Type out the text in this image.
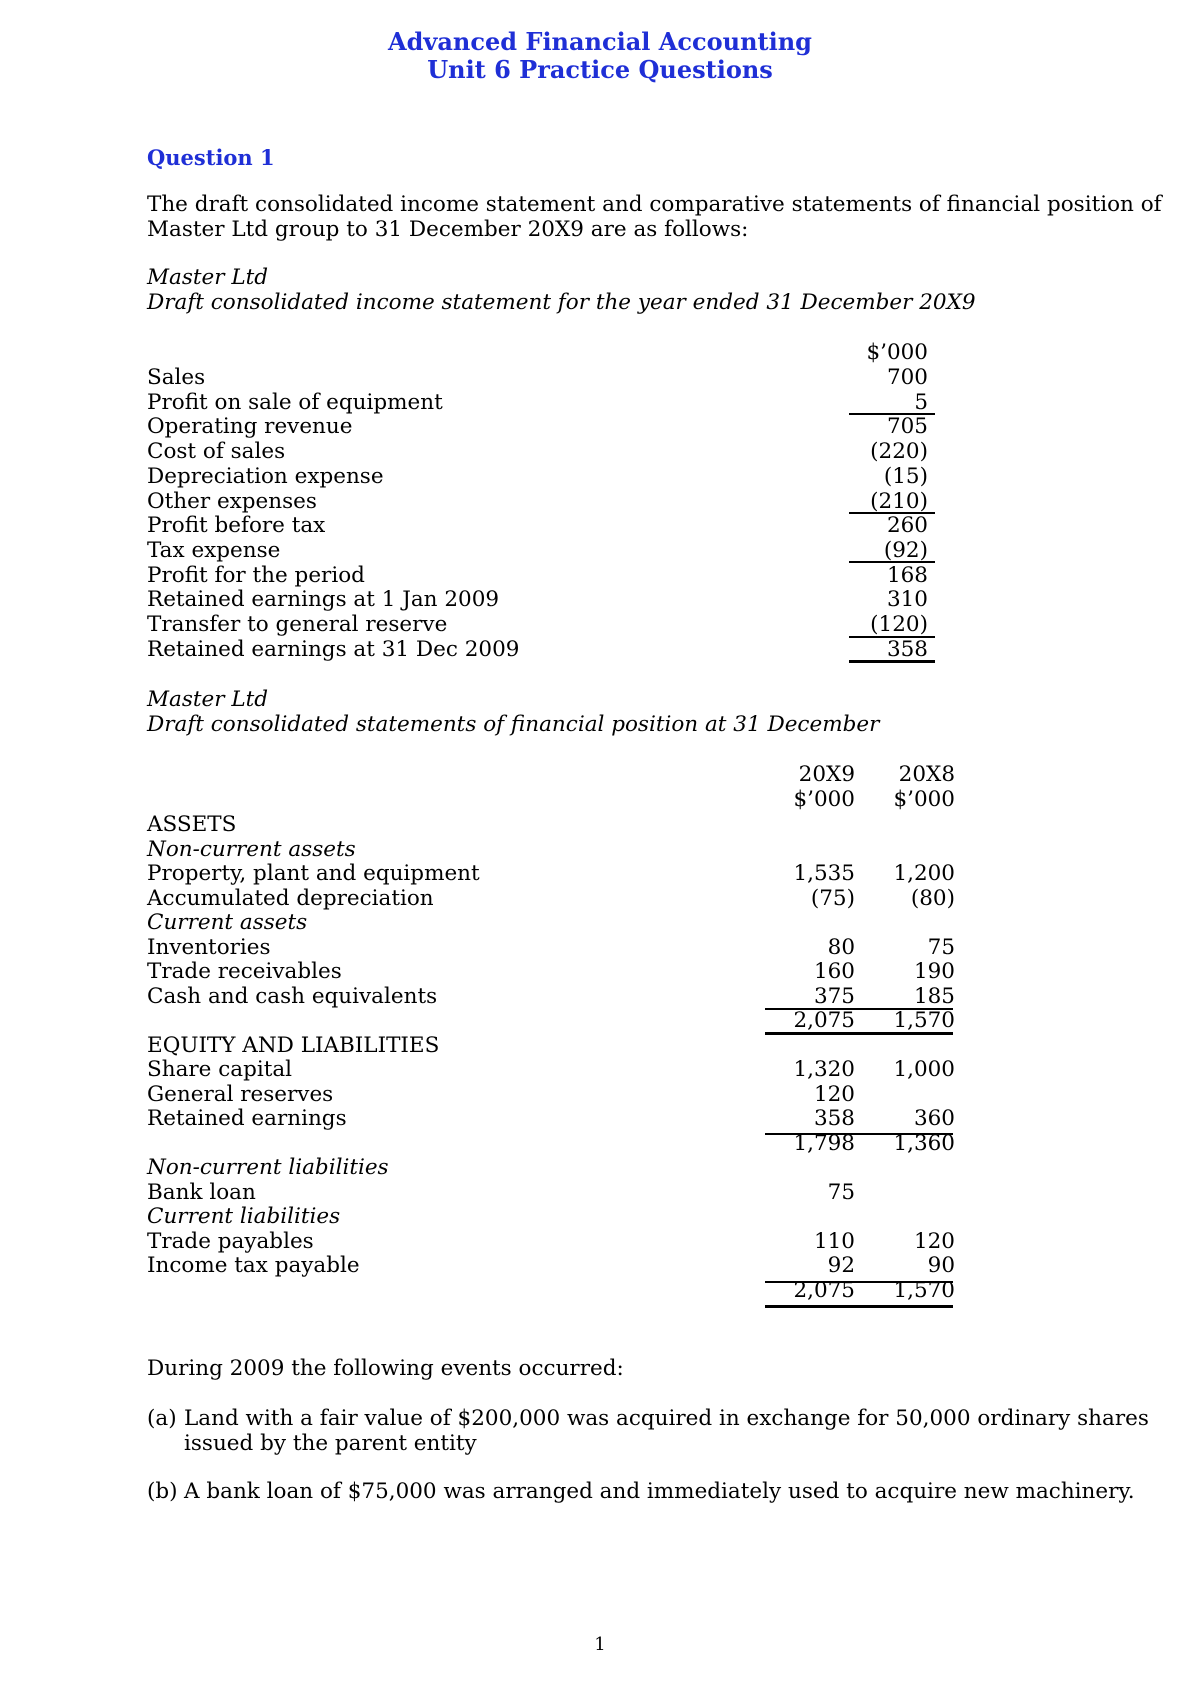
Advanced Financial Accounting
Unit 6 Practice Questions
Question 1
The draft consolidated income statement and comparative statements of financial position of
Master Ltd group to 31 December 20X9 are as follows:
Master Ltd
Draft consolidated income statement for the year ended 31 December 20X9
$’000
Sales	700
Profit on sale of equipment	5
Operating revenue	705
Cost of sales	(220)
Depreciation expense	(15)
Other expenses	(210)
Profit before tax	260
Tax expense	(92)
Profit for the period	168
Retained earnings at 1 Jan 2009	310
Transfer to general reserve	(120)
Retained earnings at 31 Dec 2009	358
Master Ltd
Draft consolidated statements of financial position at 31 December
20X9	20X8
$’000	$’000
ASSETS
Non-current assets
Property, plant and equipment	1,535	1,200
Accumulated depreciation	(75)	(80)
Current assets
Inventories	80	75
Trade receivables	160	190
Cash and cash equivalents	375	185
2,075	1,570
EQUITY AND LIABILITIES
Share capital	1,320	1,000
General reserves	120
Retained earnings	358	360
1,798	1,360
Non-current liabilities
Bank loan	75
Current liabilities
Trade payables	110	120
Income tax payable	92	90
2,075	1,570
During 2009 the following events occurred:
(a) Land with a fair value of $200,000 was acquired in exchange for 50,000 ordinary shares
issued by the parent entity
(b) A bank loan of $75,000 was arranged and immediately used to acquire new machinery.
1
